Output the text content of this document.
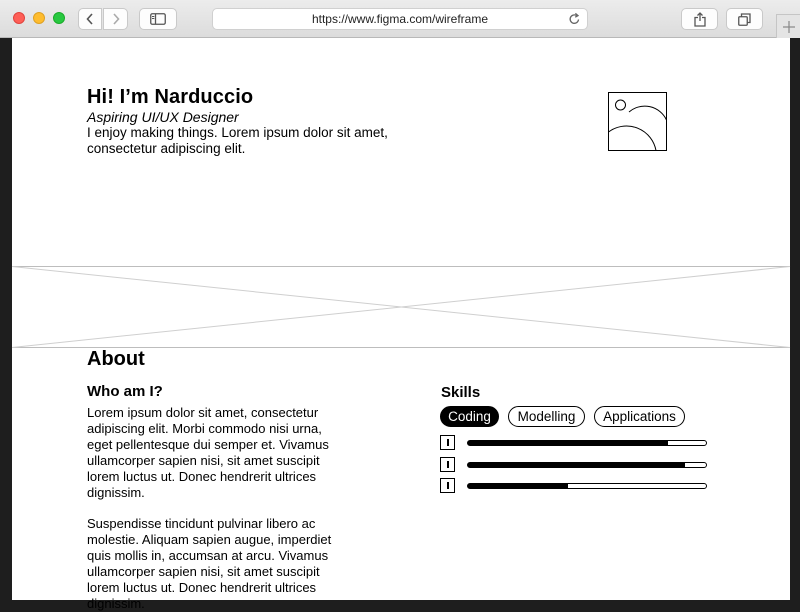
https://www.figma.com/wireframe
Hi! I’m Narduccio
Aspiring UI/UX Designer
I enjoy making things. Lorem ipsum dolor sit amet, consectetur adipiscing elit.
About
Who am I?

Lorem ipsum dolor sit amet, consectetur adipiscing elit. Morbi commodo nisi urna, eget pellentesque dui semper et. Vivamus ullamcorper sapien nisi, sit amet suscipit lorem luctus ut. Donec hendrerit ultrices dignissim.

Suspendisse tincidunt pulvinar libero ac molestie. Aliquam sapien augue, imperdiet quis mollis in, accumsan at arcu. Vivamus ullamcorper sapien nisi, sit amet suscipit lorem luctus ut. Donec hendrerit ultrices dignissim.

Skills
Coding	Modelling	Applications
